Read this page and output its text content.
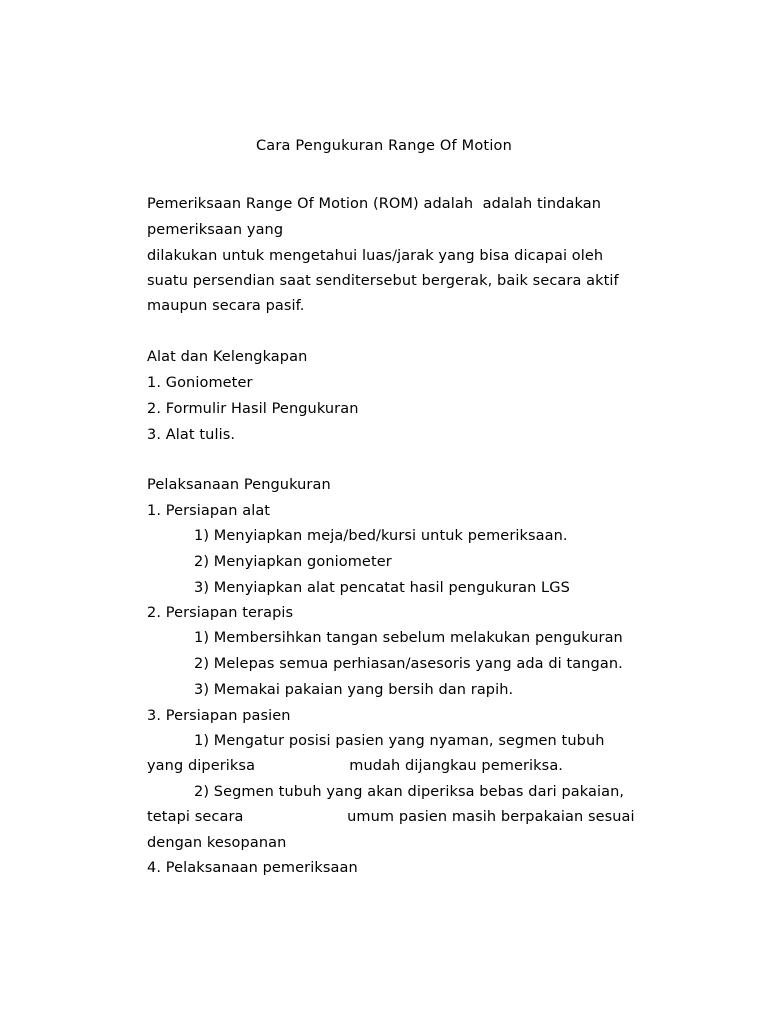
Cara Pengukuran Range Of Motion
Pemeriksaan Range Of Motion (ROM) adalah  adalah tindakan
pemeriksaan yang
dilakukan untuk mengetahui luas/jarak yang bisa dicapai oleh
suatu persendian saat senditersebut bergerak, baik secara aktif
maupun secara pasif.
Alat dan Kelengkapan
1. Goniometer
2. Formulir Hasil Pengukuran
3. Alat tulis.
Pelaksanaan Pengukuran
1. Persiapan alat
1) Menyiapkan meja/bed/kursi untuk pemeriksaan.
2) Menyiapkan goniometer
3) Menyiapkan alat pencatat hasil pengukuran LGS
2. Persiapan terapis
1) Membersihkan tangan sebelum melakukan pengukuran
2) Melepas semua perhiasan/asesoris yang ada di tangan.
3) Memakai pakaian yang bersih dan rapih.
3. Persiapan pasien
1) Mengatur posisi pasien yang nyaman, segmen tubuh
yang diperiksa                    mudah dijangkau pemeriksa.
2) Segmen tubuh yang akan diperiksa bebas dari pakaian,
tetapi secara                      umum pasien masih berpakaian sesuai
dengan kesopanan
4. Pelaksanaan pemeriksaan
